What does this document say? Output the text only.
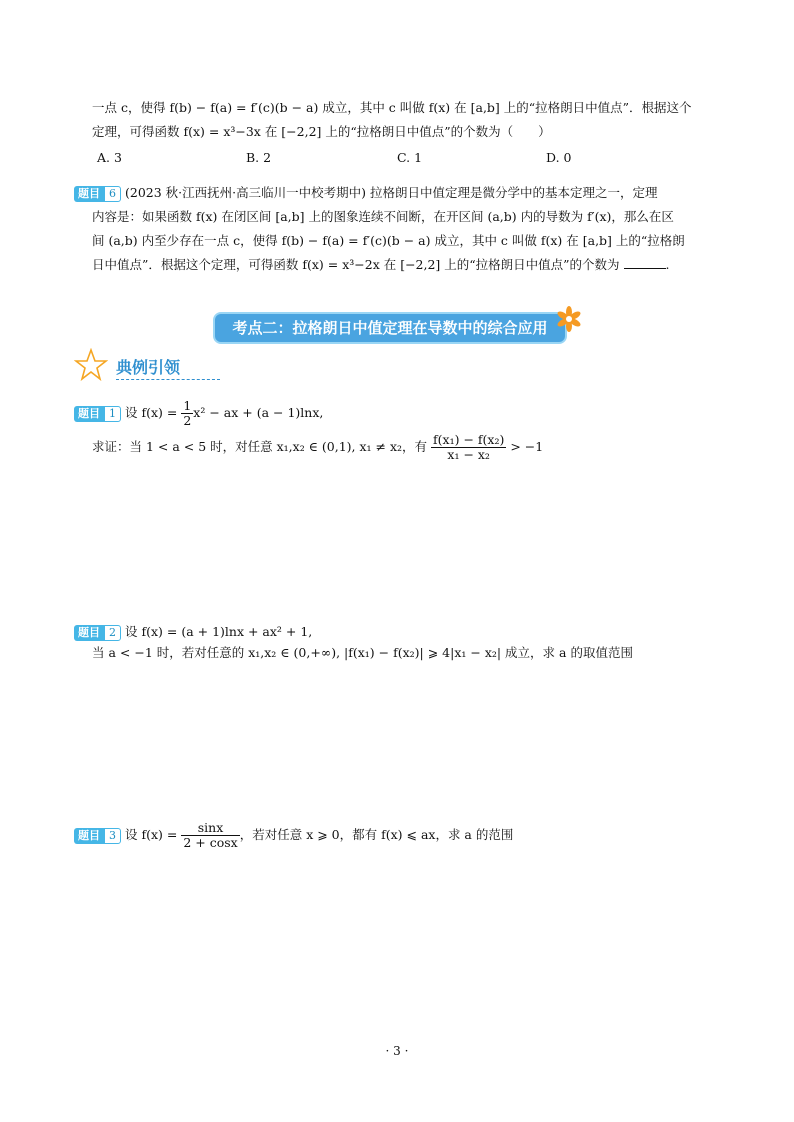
一点 c，使得 f(b) − f(a) = f′(c)(b − a) 成立，其中 c 叫做 f(x) 在 [a,b] 上的“拉格朗日中值点”．根据这个
定理，可得函数 f(x) = x³−3x 在 [−2,2] 上的“拉格朗日中值点”的个数为（　　）
A. 3	B. 2	C. 1	D. 0
题目 6 (2023 秋·江西抚州·高三临川一中校考期中) 拉格朗日中值定理是微分学中的基本定理之一，定理
内容是：如果函数 f(x) 在闭区间 [a,b] 上的图象连续不间断，在开区间 (a,b) 内的导数为 f′(x)，那么在区
间 (a,b) 内至少存在一点 c，使得 f(b) − f(a) = f′(c)(b − a) 成立，其中 c 叫做 f(x) 在 [a,b] 上的“拉格朗
日中值点”．根据这个定理，可得函数 f(x) = x³−2x 在 [−2,2] 上的“拉格朗日中值点”的个数为	.
考点二：拉格朗日中值定理在导数中的综合应用
典例引领
题目 1 设 $f(x) = \frac{1}{2} x^2$ − ax + (a − 1)lnx,
求证：当 1 < a < 5 时，对任意 x₁,x₂ ∈ (0,1), x₁ ≠ x₂，有 $\frac{\text{f(x₁) − f(x₂)}}{\text{x₁ − x₂}} > -1$
题目 2 设 f(x) = (a + 1)lnx + ax² + 1,
当 a < −1 时，若对任意的 x₁,x₂ ∈ (0,+∞), |f(x₁) − f(x₂)| ⩾ 4|x₁ − x₂| 成立，求 a 的取值范围
题目 3 设 $f(x) = \frac{\sin x}{2 + \cos x}$ ，若对任意 x ⩾ 0，都有 f(x) ⩽ ax，求 a 的范围
· 3 ·
